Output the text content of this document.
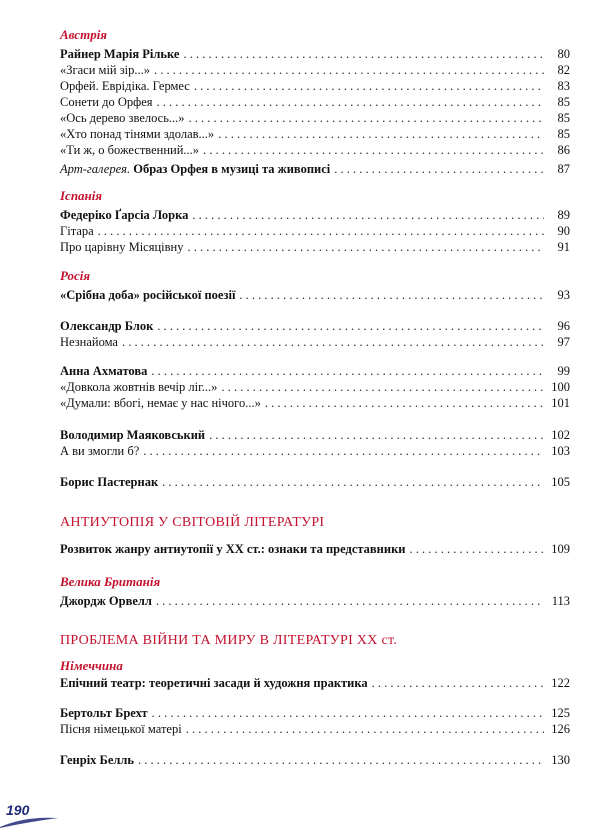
Австрія
Райнер Марія Рільке . . .	80
«Згаси мій зір...» . . .	82
Орфей. Еврідіка. Гермес . . .	83
Сонети до Орфея . . .	85
«Ось дерево звелось...» . . .	85
«Хто понад тінями здолав...» . . .	85
«Ти ж, о божественний...» . . .	86
Арт-галерея. Образ Орфея в музиці та живописі . . .	87
Іспанія
Федеріко Ґарсіа Лорка . . .	89
Гітара . . .	90
Про царівну Місяцівну . . .	91
Росія
«Срібна доба» російської поезії . . .	93
Олександр Блок . . .	96
Незнайома . . .	97
Анна Ахматова . . .	99
«Довкола жовтнів вечір ліг...» . . .	100
«Думали: вбогі, немає у нас нічого...» . . .	101
Володимир Маяковський . . .	102
А ви змогли б? . . .	103
Борис Пастернак . . .	105
АНТИУТОПІЯ У СВІТОВІЙ ЛІТЕРАТУРІ
Розвиток жанру антиутопії у XX ст.: ознаки та представники . . .	109
Велика Британія
Джордж Орвелл . . .	113
ПРОБЛЕМА ВІЙНИ ТА МИРУ В ЛІТЕРАТУРІ XX ст.
Німеччина
Епічний театр: теоретичні засади й художня практика . . .	122
Бертольт Брехт . . .	125
Пісня німецької матері . . .	126
Генріх Белль . . .	130
190
